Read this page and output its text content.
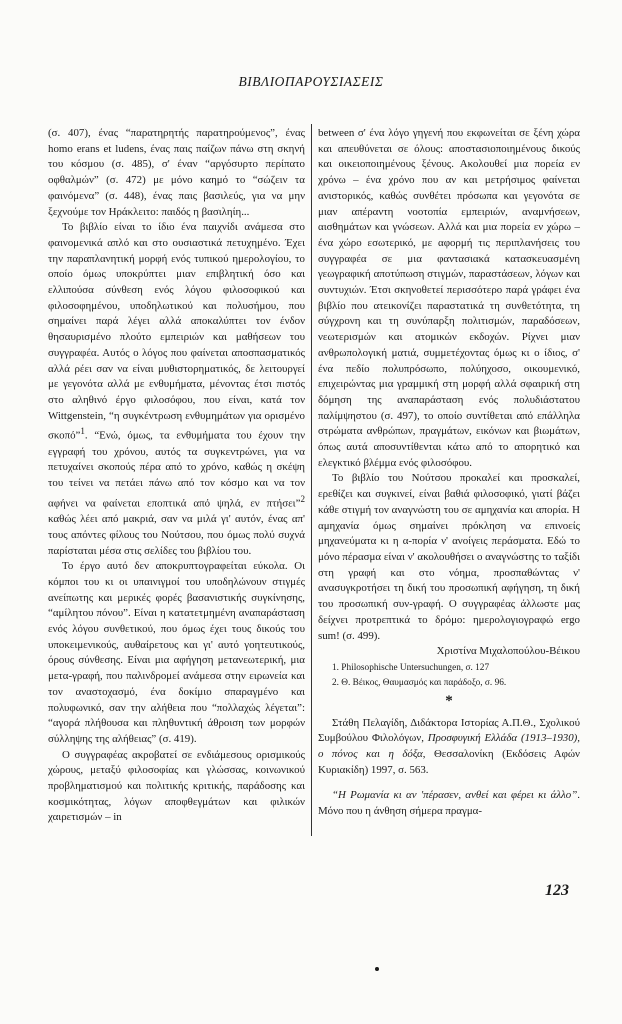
ΒΙΒΛΙΟΠΑΡΟΥΣΙΑΣΕΙΣ

(σ. 407), ένας “παρατηρητής παρατηρούμενος”, ένας homo erans et ludens, ένας παις παίζων πάνω στη σκηνή του κόσμου (σ. 485), σ' έναν “αργόσυρτο περίπατο οφθαλμών” (σ. 472) με μόνο καημό το “σώζειν τα φαινόμενα” (σ. 448), ένας παις βασιλεύς, για να μην ξεχνούμε τον Ηράκλειτο: παιδός η βασιληίη...

Το βιβλίο είναι το ίδιο ένα παιχνίδι ανάμεσα στο φαινομενικά απλό και στο ουσιαστικά πετυχημένο. Έχει την παραπλανητική μορφή ενός τυπικού ημερολογίου, το οποίο όμως υποκρύπτει μιαν επιβλητική όσο και ελλιπούσα σύνθεση ενός λόγου φιλοσοφικού και φιλοσοφημένου, υποδηλωτικού και πολυσήμου, που σημαίνει παρά λέγει αλλά αποκαλύπτει τον ένδον θησαυρισμένο πλούτο εμπειριών και μαθήσεων του συγγραφέα. Αυτός ο λόγος που φαίνεται αποσπασματικός αλλά ρέει σαν να είναι μυθιστορηματικός, δε λειτουργεί με γεγονότα αλλά με ενθυμήματα, μένοντας έτσι πιστός στο αληθινό έργο φιλοσόφου, που είναι, κατά τον Wittgenstein, “η συγκέντρωση ενθυμημάτων για ορισμένο σκοπό”$^1$. “Ενώ, όμως, τα ενθυμήματα του έχουν την εγγραφή του χρόνου, αυτός τα συγκεντρώνει, για να πετυχαίνει σκοπούς πέρα από το χρόνο, καθώς η σκέψη του τείνει να πετάει πάνω από τον κόσμο και να τον αφήνει να φαίνεται εποπτικά από ψηλά, εν πτήσει”$^2$ καθώς λέει από μακριά, σαν να μιλά γι' αυτόν, ένας απ' τους απόντες φίλους του Νούτσου, που όμως πολύ συχνά παρίσταται μέσα στις σελίδες του βιβλίου του.

Το έργο αυτό δεν αποκρυπτογραφείται εύκολα. Οι κόμποι του κι οι υπαινιγμοί του υποδηλώνουν στιγμές ανείπωτης και μερικές φορές βασανιστικής συγκίνησης, “αμίλητου πόνου”. Είναι η κατατετμημένη αναπαράσταση ενός λόγου συνθετικού, που όμως έχει τους δικούς του υποκειμενικούς, αυθαίρετους και γι' αυτό γοητευτικούς, όρους σύνθεσης. Είναι μια αφήγηση μετανεωτερική, μια μετα-γραφή, που παλινδρομεί ανάμεσα στην ειρωνεία και τον αναστοχασμό, ένα δοκίμιο σπαραγμένο και πολυφωνικό, σαν την αλήθεια που “πολλαχώς λέγεται”: “αγορά πλήθουσα και πληθυντική άθροιση των μορφών σύλληψης της αλήθειας” (σ. 419).

Ο συγγραφέας ακροβατεί σε ενδιάμεσους ορισμικούς χώρους, μεταξύ φιλοσοφίας και γλώσσας, κοινωνικού προβληματισμού και πολιτικής κριτικής, παράδοσης και κοσμικότητας, λόγων αποφθεγμάτων και φιλικών χαιρετισμών – in

between σ' ένα λόγο γηγενή που εκφωνείται σε ξένη χώρα και απευθύνεται σε όλους: αποστασιοποιημένους δικούς και οικειοποιημένους ξένους. Ακολουθεί μια πορεία εν χρόνω – ένα χρόνο που αν και μετρήσιμος φαίνεται ανιστορικός, καθώς συνθέτει πρόσωπα και γεγονότα σε μιαν απέραντη νοοτοπία εμπειριών, αναμνήσεων, αισθημάτων και γνώσεων. Αλλά και μια πορεία εν χώρω – ένα χώρο εσωτερικό, με αφορμή τις περιπλανήσεις του συγγραφέα σε μια φαντασιακά κατασκευασμένη γεωγραφική αποτύπωση στιγμών, παραστάσεων, λόγων και συντυχιών. Έτσι σκηνοθετεί περισσότερο παρά γράφει ένα βιβλίο που ατεικονίζει παραστατικά τη συνθετότητα, τη σύγχρονη και τη συνύπαρξη πολιτισμών, παραδόσεων, νεωτερισμών και ατομικών εκδοχών. Ρίχνει μιαν ανθρωπολογική ματιά, συμμετέχοντας όμως κι ο ίδιος, σ' ένα πεδίο πολυπρόσωπο, πολύηχοσο, οικουμενικό, επιχειρώντας μια γραμμική στη μορφή αλλά σφαιρική στη δόμηση της αναπαράσταση ενός πολυδιάστατου παλίμψηστου (σ. 497), το οποίο συντίθεται από επάλληλα στρώματα ανθρώπων, πραγμάτων, εικόνων και βιωμάτων, όπως αυτά αποσυντίθενται κάτω από το απορητικό και ελεγκτικό βλέμμα ενός φιλοσόφου.

Το βιβλίο του Νούτσου προκαλεί και προσκαλεί, ερεθίζει και συγκινεί, είναι βαθιά φιλοσοφικό, γιατί βάζει κάθε στιγμή τον αναγνώστη του σε αμηχανία και απορία. Η αμηχανία όμως σημαίνει πρόκληση να επινοείς μηχανεύματα κι η α-πορία ν' ανοίγεις περάσματα. Εδώ το μόνο πέρασμα είναι ν' ακολουθήσει ο αναγνώστης το ταξίδι στη γραφή και στο νόημα, προσπαθώντας ν' ανασυγκροτήσει τη δική του προσωπική αφήγηση, τη δική του προσωπική συν-γραφή. Ο συγγραφέας άλλωστε μας δείχνει προτρεπτικά το δρόμο: ημερολογιογραφώ ergo sum! (σ. 499).

Χριστίνα Μιχαλοπούλου-Βέικου

1. Philosophische Untersuchungen, σ. 127
2. Θ. Βέικος, Θαυμασμός και παράδοξο, σ. 96.
*

Στάθη Πελαγίδη, Διδάκτορα Ιστορίας Α.Π.Θ., Σχολικού Συμβούλου Φιλολόγων, Προσφυγική Ελλάδα (1913–1930), ο πόνος και η δόξα, Θεσσαλονίκη (Εκδόσεις Αφών Κυριακίδη) 1997, σ. 563.

“Η Ρωμανία κι αν 'πέρασεν, ανθεί και φέρει κι άλλο”. Μόνο που η άνθηση σήμερα πραγμα-

123
